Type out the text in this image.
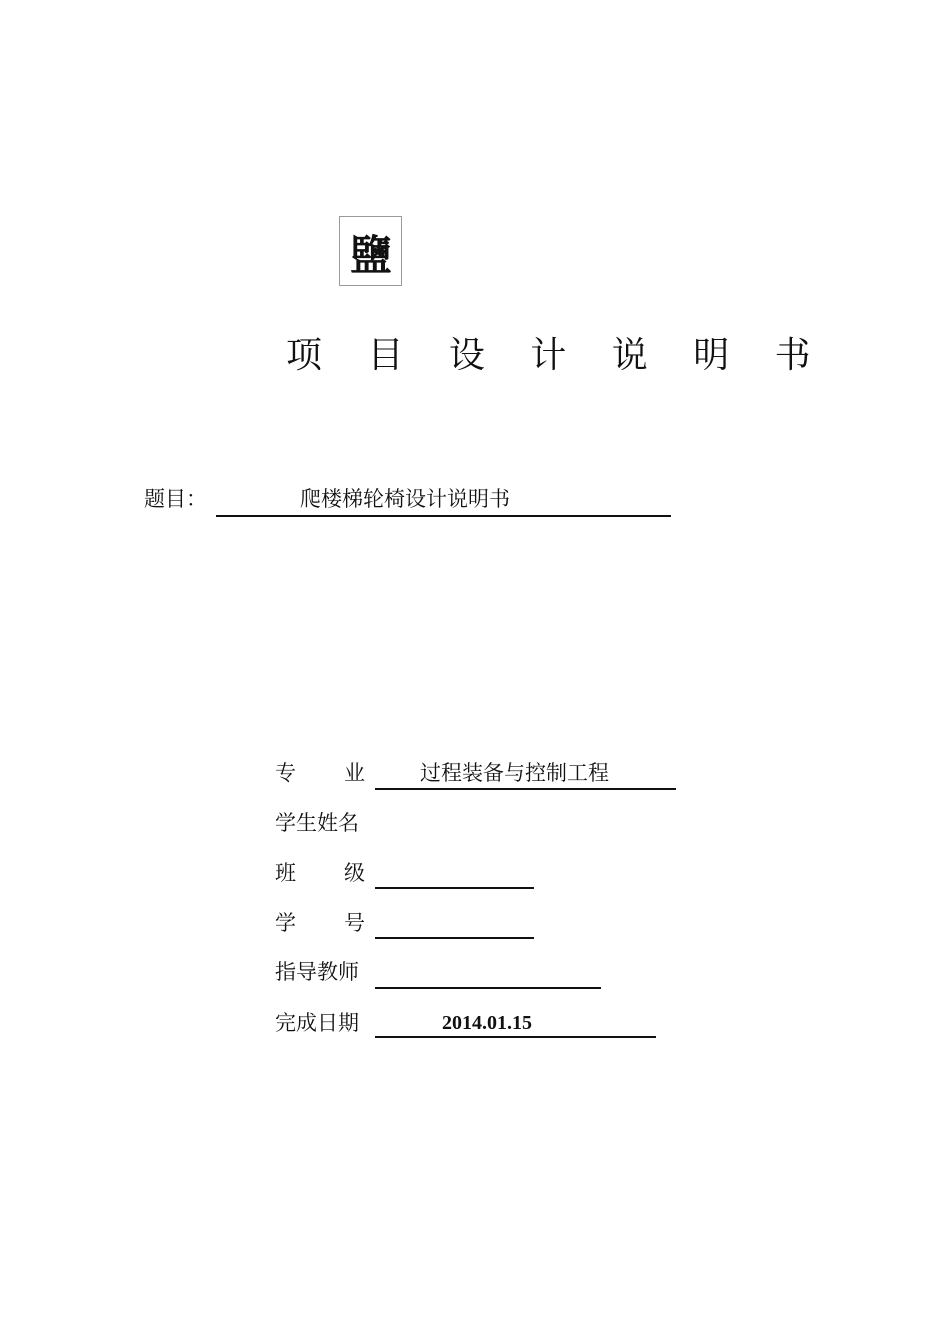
鹽
项 目 设 计 说 明 书
题目：	爬楼梯轮椅设计说明书
专 业	过程装备与控制工程
学生姓名
班 级
学 号
指导教师
完成日期	2014.01.15
